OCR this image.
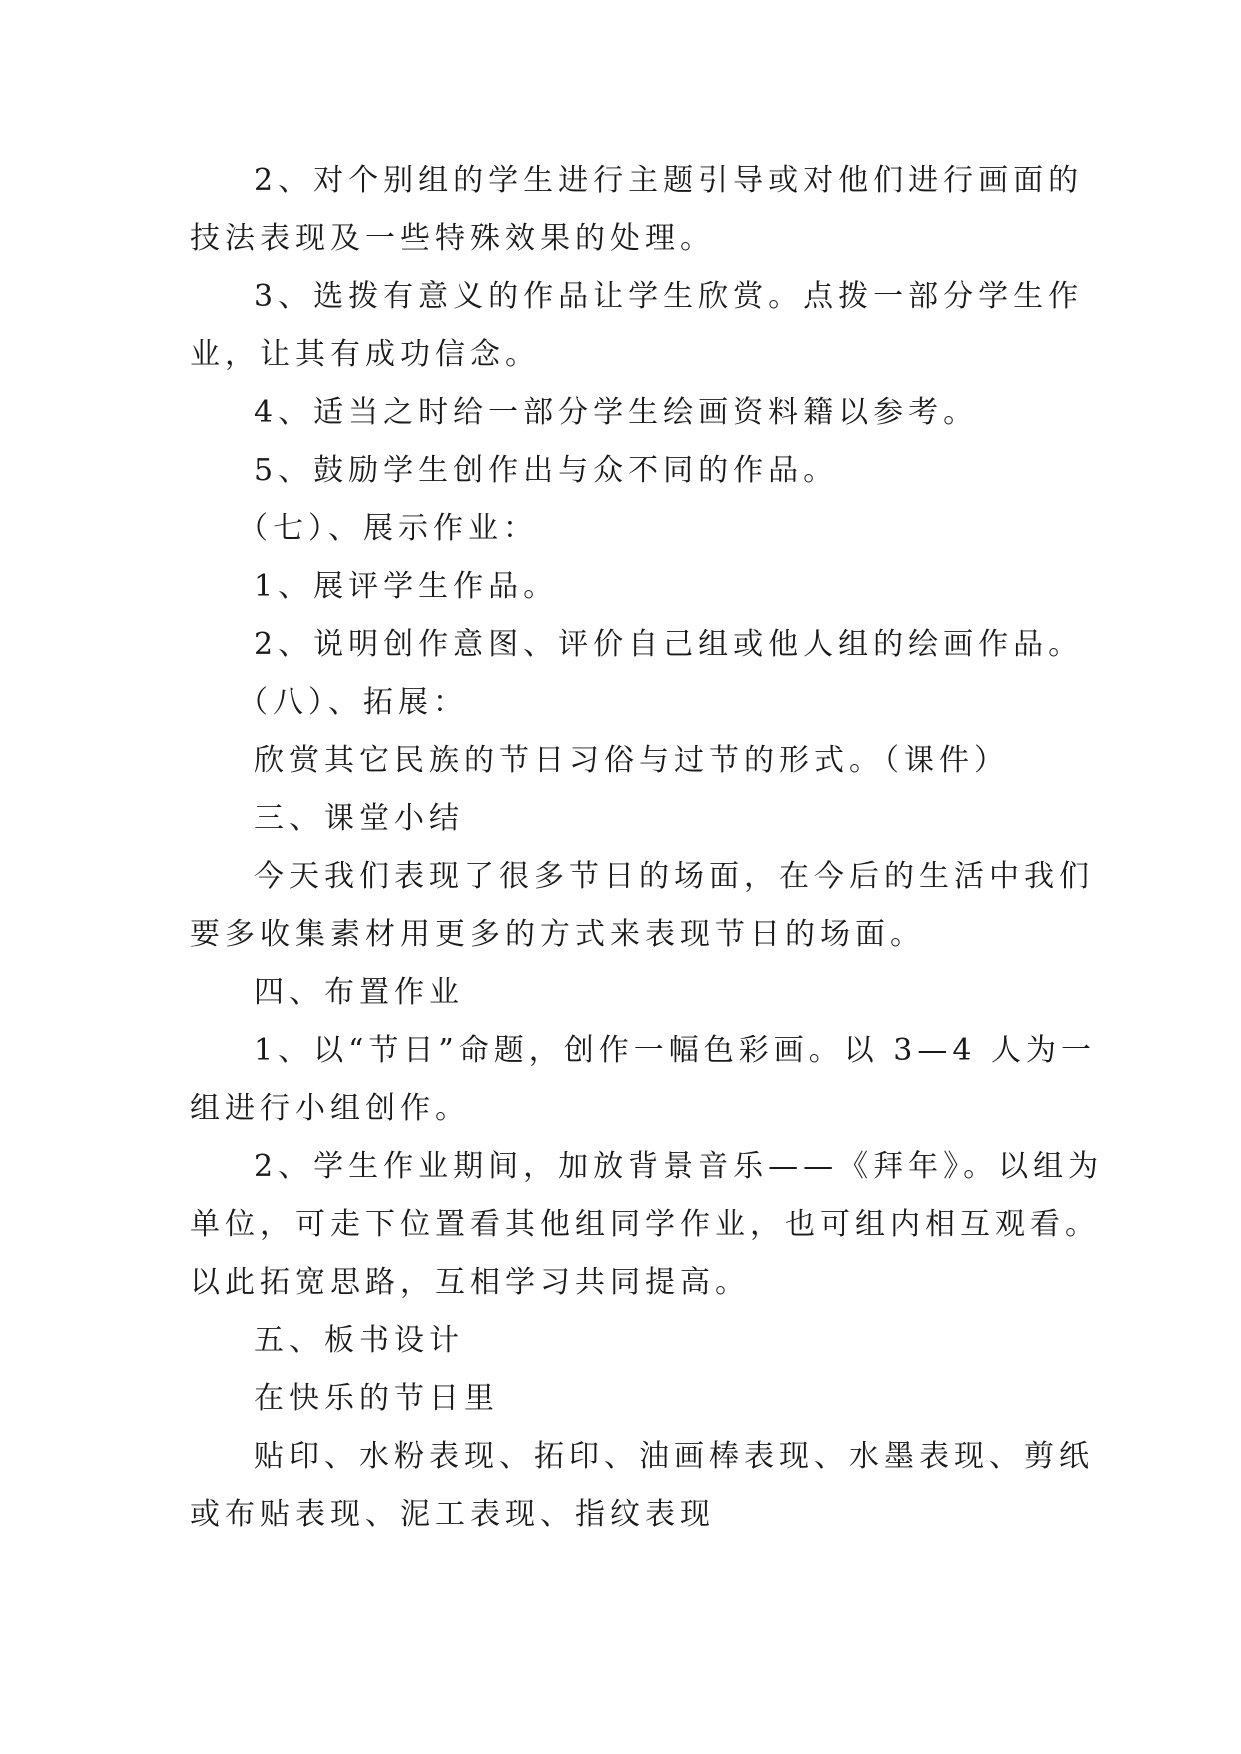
2、对个别组的学生进行主题引导或对他们进行画面的
技法表现及一些特殊效果的处理。
3、选拨有意义的作品让学生欣赏。点拨一部分学生作
业，让其有成功信念。
4、适当之时给一部分学生绘画资料籍以参考。
5、鼓励学生创作出与众不同的作品。
（七）、展示作业：
1、展评学生作品。
2、说明创作意图、评价自己组或他人组的绘画作品。
（八）、拓展：
欣赏其它民族的节日习俗与过节的形式。（课件）
三、课堂小结
今天我们表现了很多节日的场面，在今后的生活中我们
要多收集素材用更多的方式来表现节日的场面。
四、布置作业
1、以“节日”命题，创作一幅色彩画。以 3—4 人为一
组进行小组创作。
2、学生作业期间，加放背景音乐——《拜年》。以组为
单位，可走下位置看其他组同学作业，也可组内相互观看。
以此拓宽思路，互相学习共同提高。
五、板书设计
在快乐的节日里
贴印、水粉表现、拓印、油画棒表现、水墨表现、剪纸
或布贴表现、泥工表现、指纹表现
